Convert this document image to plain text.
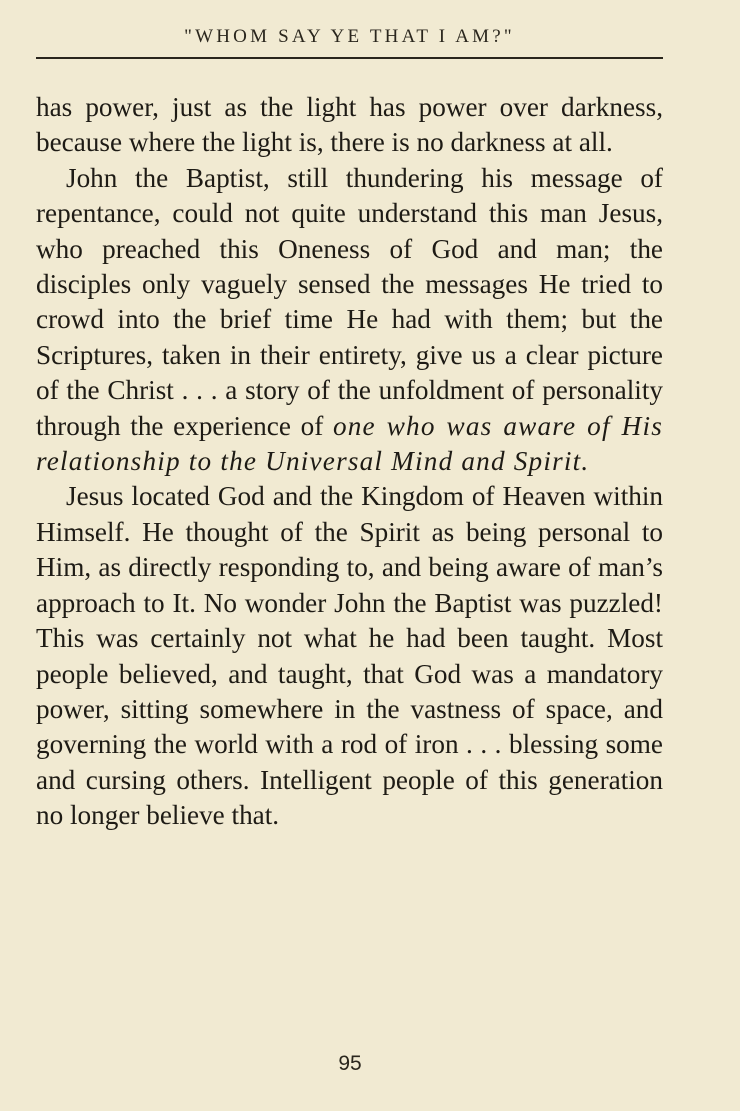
"WHOM SAY YE THAT I AM?"

has power, just as the light has power over darkness, because where the light is, there is no darkness at all.

John the Baptist, still thundering his message of repentance, could not quite understand this man Jesus, who preached this Oneness of God and man; the disciples only vaguely sensed the messages He tried to crowd into the brief time He had with them; but the Scriptures, taken in their entirety, give us a clear picture of the Christ . . . a story of the unfoldment of personality through the experience of one who was aware of His relationship to the Universal Mind and Spirit.

Jesus located God and the Kingdom of Heaven within Himself. He thought of the Spirit as being personal to Him, as directly responding to, and being aware of man’s approach to It. No wonder John the Baptist was puzzled! This was certainly not what he had been taught. Most people believed, and taught, that God was a mandatory power, sitting somewhere in the vastness of space, and governing the world with a rod of iron . . . blessing some and cursing others. Intelligent people of this generation no longer believe that.

95
